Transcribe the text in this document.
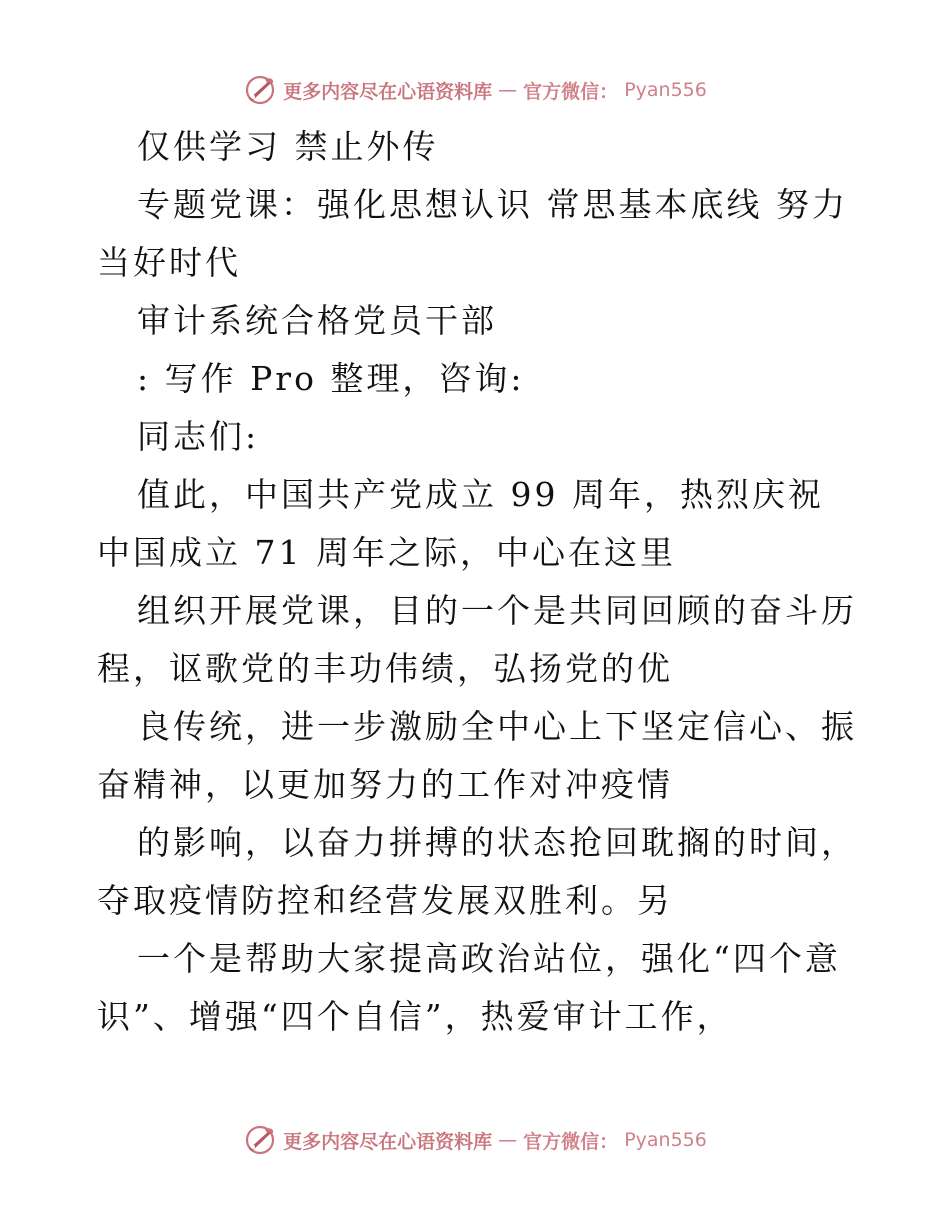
更多内容尽在心语资料库 — 官方微信： Pyan556

仅供学习 禁止外传

专题党课：强化思想认识 常思基本底线 努力当好时代

审计系统合格党员干部

: 写作 Pro 整理，咨询:

同志们:

值此，中国共产党成立 99 周年，热烈庆祝中国成立 71 周年之际，中心在这里

组织开展党课，目的一个是共同回顾的奋斗历程，讴歌党的丰功伟绩，弘扬党的优

良传统，进一步激励全中心上下坚定信心、振奋精神，以更加努力的工作对冲疫情

的影响，以奋力拼搏的状态抢回耽搁的时间，夺取疫情防控和经营发展双胜利。另

一个是帮助大家提高政治站位，强化“四个意识”、增强“四个自信”，热爱审计工作，

更多内容尽在心语资料库 — 官方微信： Pyan556
